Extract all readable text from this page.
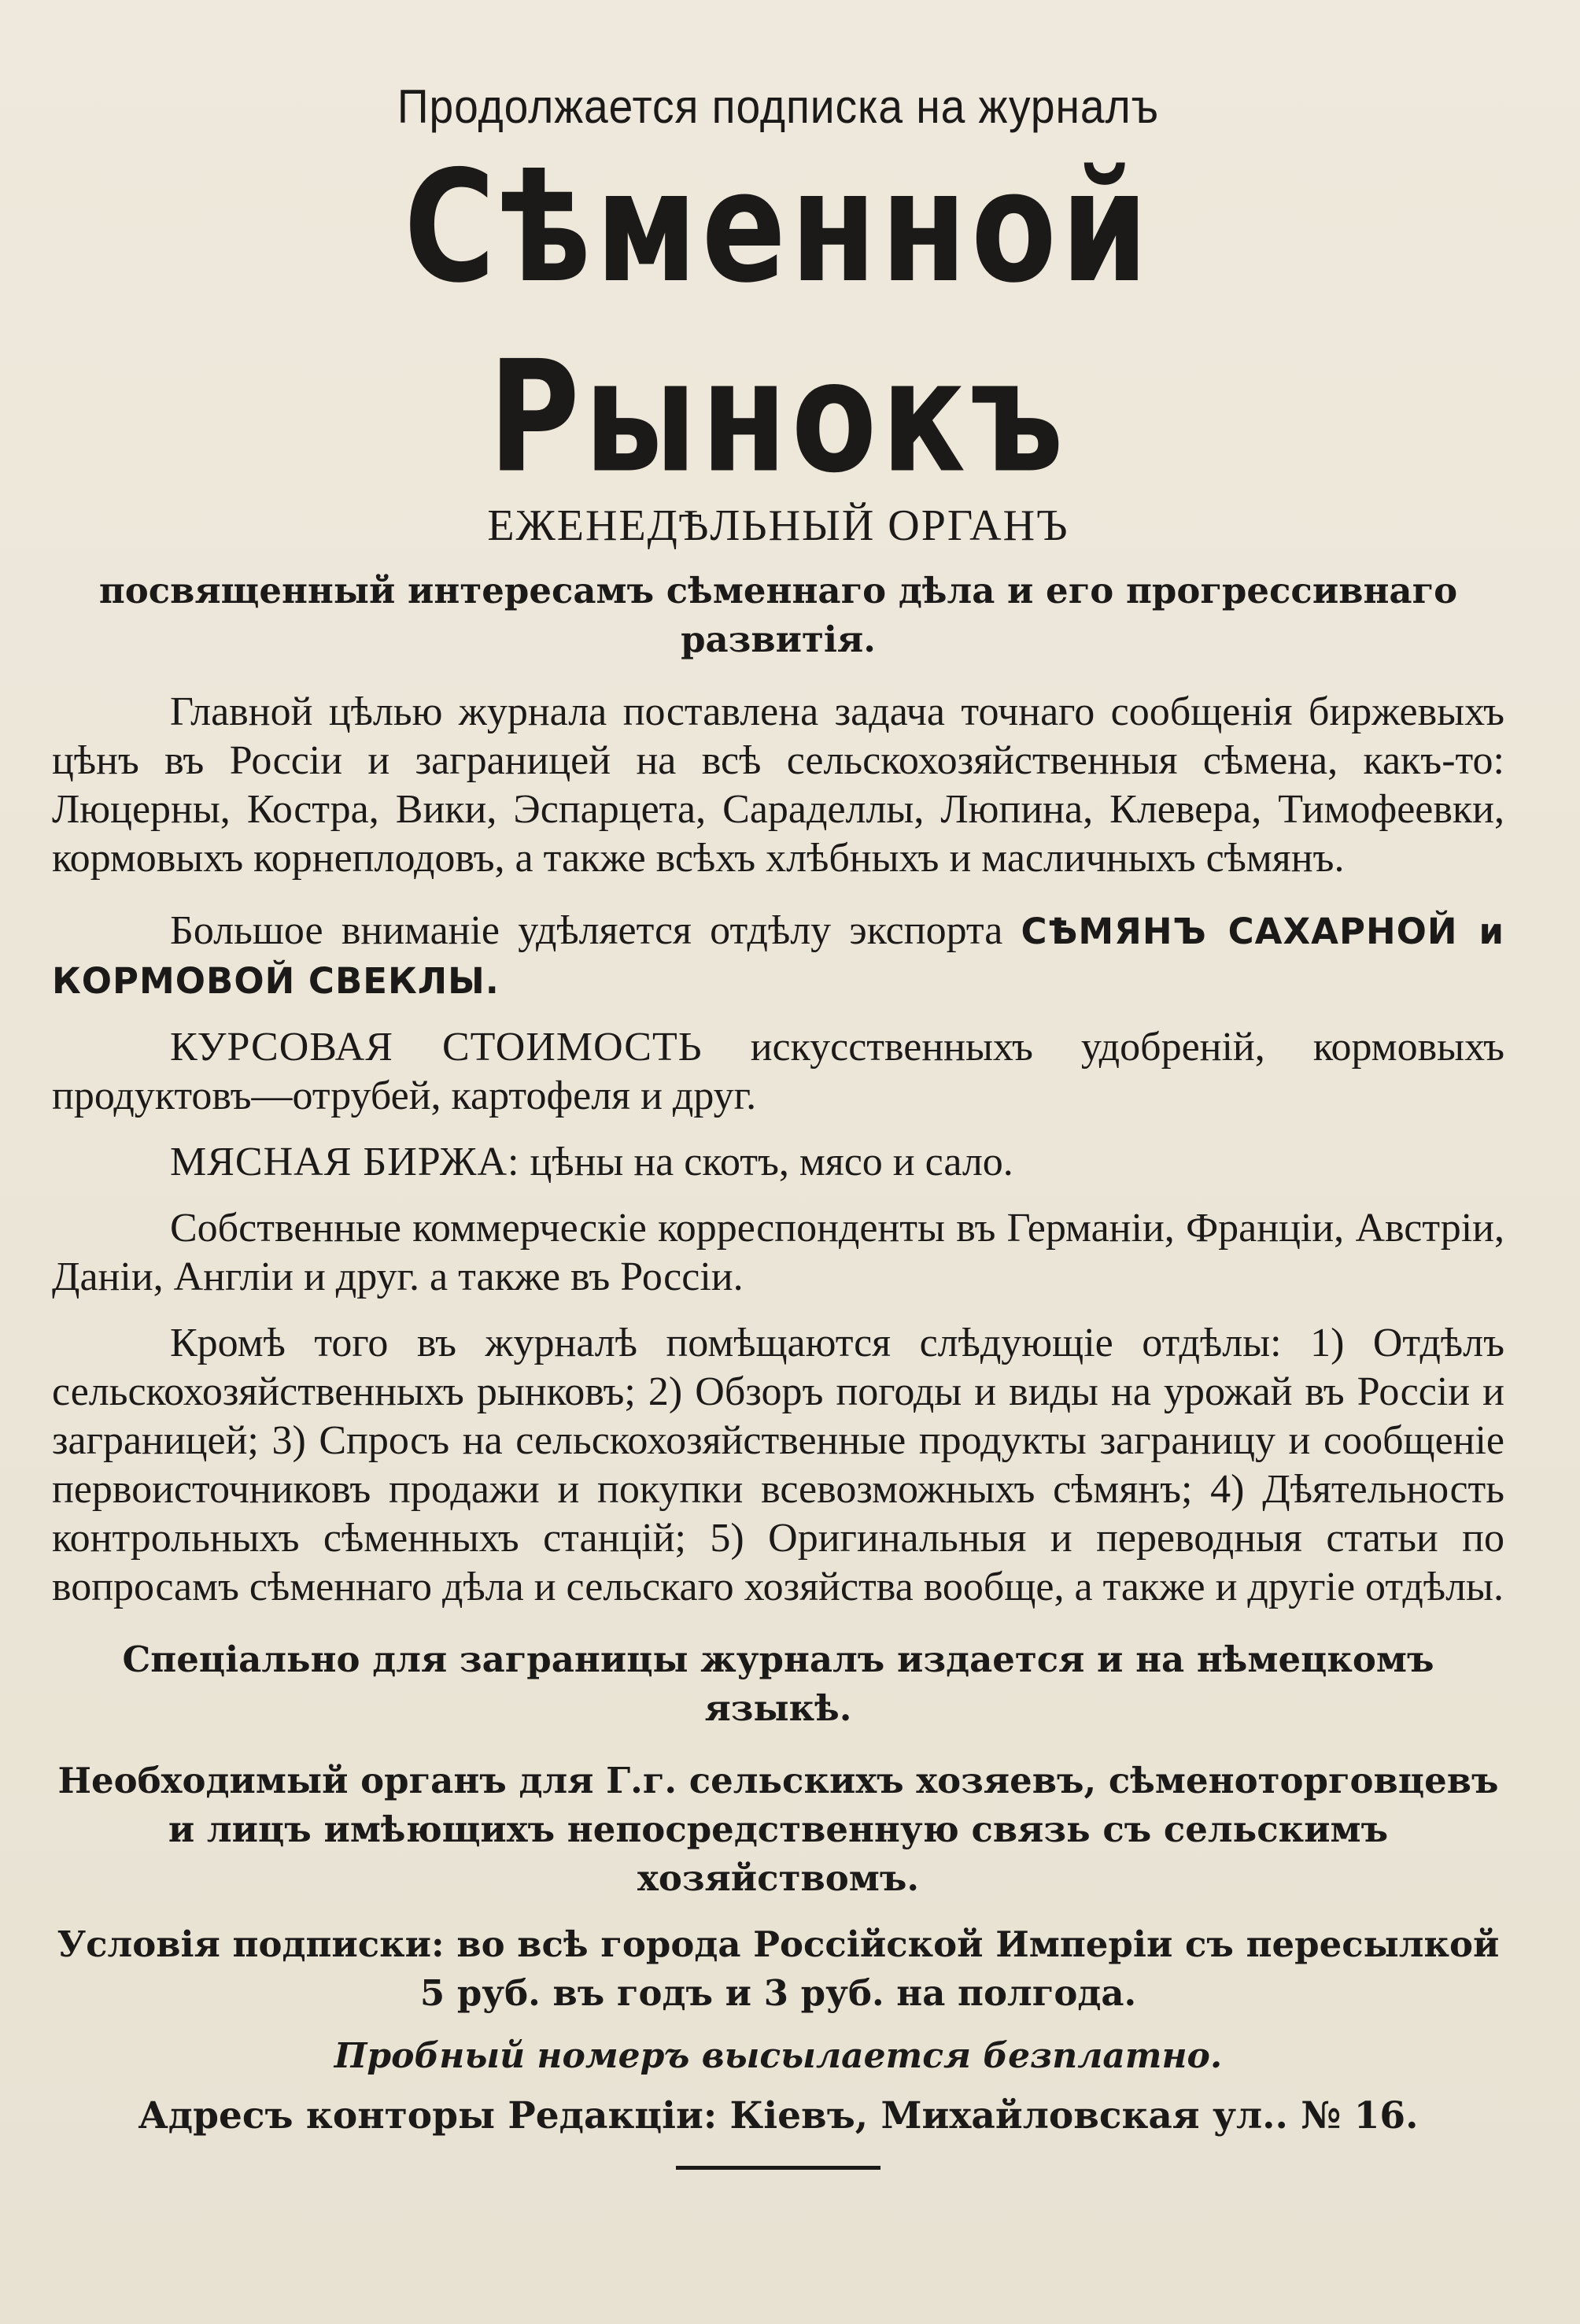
Продолжается подписка на журналъ

Сѣменной Рынокъ

ЕЖЕНЕДѢЛЬНЫЙ ОРГАНЪ

посвященный интересамъ сѣменнаго дѣла и его прогрессивнаго развитія.

Главной цѣлью журнала поставлена задача точнаго сообщенія биржевыхъ цѣнъ въ Россіи и заграницей на всѣ сельскохозяйственныя сѣмена, какъ-то: Люцерны, Костра, Вики, Эспарцета, Сараделлы, Люпина, Клевера, Тимофеевки, кормовыхъ корнеплодовъ, а также всѣхъ хлѣбныхъ и масличныхъ сѣмянъ.

Большое вниманіе удѣляется отдѣлу экспорта СѢМЯНЪ САХАРНОЙ и КОРМОВОЙ СВЕКЛЫ.

КУРСОВАЯ СТОИМОСТЬ искусственныхъ удобреній, кормовыхъ продуктовъ—отрубей, картофеля и друг.

МЯСНАЯ БИРЖА: цѣны на скотъ, мясо и сало.

Собственные коммерческіе корреспонденты въ Германіи, Франціи, Австріи, Даніи, Англіи и друг. а также въ Россіи.

Кромѣ того въ журналѣ помѣщаются слѣдующіе отдѣлы: 1) Отдѣлъ сельскохозяйственныхъ рынковъ; 2) Обзоръ погоды и виды на урожай въ Россіи и заграницей; 3) Спросъ на сельскохозяйственные продукты заграницу и сообщеніе первоисточниковъ продажи и покупки всевозможныхъ сѣмянъ; 4) Дѣятельность контрольныхъ сѣменныхъ станцій; 5) Оригинальныя и переводныя статьи по вопросамъ сѣменнаго дѣла и сельскаго хозяйства вообще, а также и другіе отдѣлы.

Спеціально для заграницы журналъ издается и на нѣмецкомъ языкѣ.

Необходимый органъ для Г.г. сельскихъ хозяевъ, сѣменоторговцевъ и лицъ имѣющихъ непосредственную связь съ сельскимъ хозяйствомъ.

Условія подписки: во всѣ города Россійской Имперіи съ пересылкой 5 руб. въ годъ и 3 руб. на полгода.

Пробный номеръ высылается безплатно.

Адресъ конторы Редакціи: Кіевъ, Михайловская ул.. № 16.
